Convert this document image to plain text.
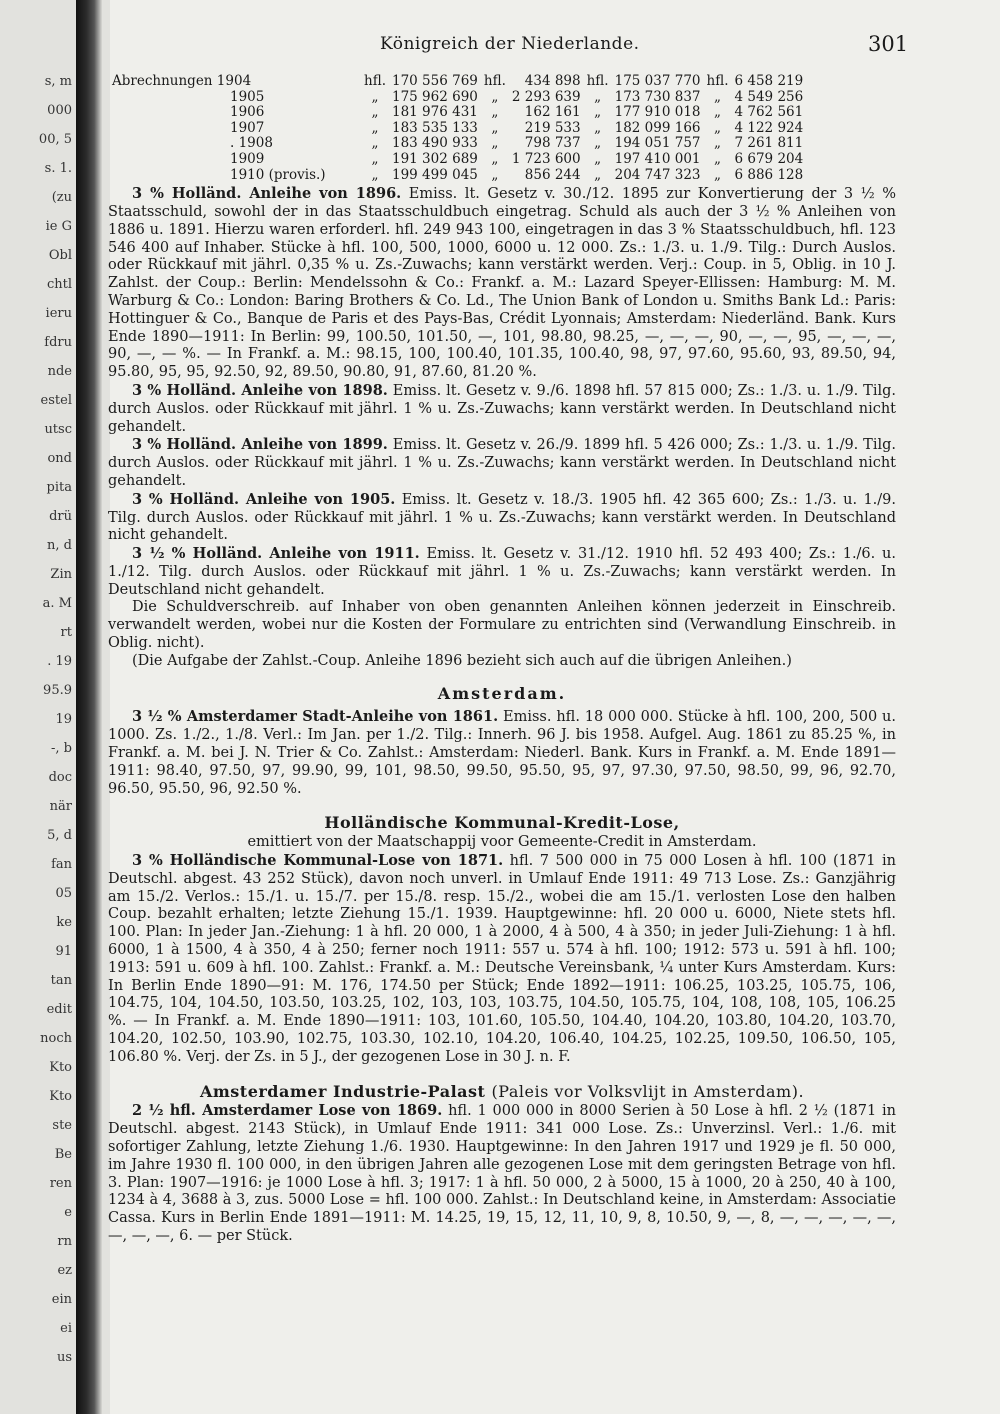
s, m
000
00, 5
s. 1.
(zu
ie G
Obl
chtl
ieru
fdru
nde
estel
utsc
ond
pita
drü
n, d
Zin
a. M
rt
. 19
95.9
19
-, b
doc
när
5, d
fan
05
ke
91
tan
edit
noch
Kto
Kto
ste
Be
ren
e
rn
ez
ein
ei
us
Königreich der Niederlande.	301
Abrechnungen 1904	hfl.	170 556 769	hfl.	434 898	hfl.	175 037 770	hfl.	6 458 219
1905	„	175 962 690	„	2 293 639	„	173 730 837	„	4 549 256
1906	„	181 976 431	„	162 161	„	177 910 018	„	4 762 561
1907	„	183 535 133	„	219 533	„	182 099 166	„	4 122 924
. 1908	„	183 490 933	„	798 737	„	194 051 757	„	7 261 811
1909	„	191 302 689	„	1 723 600	„	197 410 001	„	6 679 204
1910 (provis.)	„	199 499 045	„	856 244	„	204 747 323	„	6 886 128

3 % Holländ. Anleihe von 1896. Emiss. lt. Gesetz v. 30./12. 1895 zur Konvertierung der 3 ½ % Staatsschuld, sowohl der in das Staatsschuldbuch eingetrag. Schuld als auch der 3 ½ % Anleihen von 1886 u. 1891. Hierzu waren erforderl. hfl. 249 943 100, eingetragen in das 3 % Staatsschuldbuch, hfl. 123 546 400 auf Inhaber. Stücke à hfl. 100, 500, 1000, 6000 u. 12 000. Zs.: 1./3. u. 1./9. Tilg.: Durch Auslos. oder Rückkauf mit jährl. 0,35 % u. Zs.-Zuwachs; kann verstärkt werden. Verj.: Coup. in 5, Oblig. in 10 J. Zahlst. der Coup.: Berlin: Mendelssohn & Co.: Frankf. a. M.: Lazard Speyer-Ellissen: Hamburg: M. M. Warburg & Co.: London: Baring Brothers & Co. Ld., The Union Bank of London u. Smiths Bank Ld.: Paris: Hottinguer & Co., Banque de Paris et des Pays-Bas, Crédit Lyonnais; Amsterdam: Niederländ. Bank. Kurs Ende 1890—1911: In Berlin: 99, 100.50, 101.50, —, 101, 98.80, 98.25, —, —, —, 90, —, —, 95, —, —, —, 90, —, — %. — In Frankf. a. M.: 98.15, 100, 100.40, 101.35, 100.40, 98, 97, 97.60, 95.60, 93, 89.50, 94, 95.80, 95, 95, 92.50, 92, 89.50, 90.80, 91, 87.60, 81.20 %.

3 % Holländ. Anleihe von 1898. Emiss. lt. Gesetz v. 9./6. 1898 hfl. 57 815 000; Zs.: 1./3. u. 1./9. Tilg. durch Auslos. oder Rückkauf mit jährl. 1 % u. Zs.-Zuwachs; kann verstärkt werden. In Deutschland nicht gehandelt.

3 % Holländ. Anleihe von 1899. Emiss. lt. Gesetz v. 26./9. 1899 hfl. 5 426 000; Zs.: 1./3. u. 1./9. Tilg. durch Auslos. oder Rückkauf mit jährl. 1 % u. Zs.-Zuwachs; kann verstärkt werden. In Deutschland nicht gehandelt.

3 % Holländ. Anleihe von 1905. Emiss. lt. Gesetz v. 18./3. 1905 hfl. 42 365 600; Zs.: 1./3. u. 1./9. Tilg. durch Auslos. oder Rückkauf mit jährl. 1 % u. Zs.-Zuwachs; kann verstärkt werden. In Deutschland nicht gehandelt.

3 ½ % Holländ. Anleihe von 1911. Emiss. lt. Gesetz v. 31./12. 1910 hfl. 52 493 400; Zs.: 1./6. u. 1./12. Tilg. durch Auslos. oder Rückkauf mit jährl. 1 % u. Zs.-Zuwachs; kann verstärkt werden. In Deutschland nicht gehandelt.

Die Schuldverschreib. auf Inhaber von oben genannten Anleihen können jederzeit in Einschreib. verwandelt werden, wobei nur die Kosten der Formulare zu entrichten sind (Verwandlung Einschreib. in Oblig. nicht).

(Die Aufgabe der Zahlst.-Coup. Anleihe 1896 bezieht sich auch auf die übrigen Anleihen.)

Amsterdam.

3 ½ % Amsterdamer Stadt-Anleihe von 1861. Emiss. hfl. 18 000 000. Stücke à hfl. 100, 200, 500 u. 1000. Zs. 1./2., 1./8. Verl.: Im Jan. per 1./2. Tilg.: Innerh. 96 J. bis 1958. Aufgel. Aug. 1861 zu 85.25 %, in Frankf. a. M. bei J. N. Trier & Co. Zahlst.: Amsterdam: Niederl. Bank. Kurs in Frankf. a. M. Ende 1891—1911: 98.40, 97.50, 97, 99.90, 99, 101, 98.50, 99.50, 95.50, 95, 97, 97.30, 97.50, 98.50, 99, 96, 92.70, 96.50, 95.50, 96, 92.50 %.

Holländische Kommunal-Kredit-Lose,
emittiert von der Maatschappij voor Gemeente-Credit in Amsterdam.

3 % Holländische Kommunal-Lose von 1871. hfl. 7 500 000 in 75 000 Losen à hfl. 100 (1871 in Deutschl. abgest. 43 252 Stück), davon noch unverl. in Umlauf Ende 1911: 49 713 Lose. Zs.: Ganzjährig am 15./2. Verlos.: 15./1. u. 15./7. per 15./8. resp. 15./2., wobei die am 15./1. verlosten Lose den halben Coup. bezahlt erhalten; letzte Ziehung 15./1. 1939. Hauptgewinne: hfl. 20 000 u. 6000, Niete stets hfl. 100. Plan: In jeder Jan.-Ziehung: 1 à hfl. 20 000, 1 à 2000, 4 à 500, 4 à 350; in jeder Juli-Ziehung: 1 à hfl. 6000, 1 à 1500, 4 à 350, 4 à 250; ferner noch 1911: 557 u. 574 à hfl. 100; 1912: 573 u. 591 à hfl. 100; 1913: 591 u. 609 à hfl. 100. Zahlst.: Frankf. a. M.: Deutsche Vereinsbank, ¼ unter Kurs Amsterdam. Kurs: In Berlin Ende 1890—91: M. 176, 174.50 per Stück; Ende 1892—1911: 106.25, 103.25, 105.75, 106, 104.75, 104, 104.50, 103.50, 103.25, 102, 103, 103, 103.75, 104.50, 105.75, 104, 108, 108, 105, 106.25 %. — In Frankf. a. M. Ende 1890—1911: 103, 101.60, 105.50, 104.40, 104.20, 103.80, 104.20, 103.70, 104.20, 102.50, 103.90, 102.75, 103.30, 102.10, 104.20, 106.40, 104.25, 102.25, 109.50, 106.50, 105, 106.80 %. Verj. der Zs. in 5 J., der gezogenen Lose in 30 J. n. F.

Amsterdamer Industrie-Palast (Paleis vor Volksvlijt in Amsterdam).

2 ½ hfl. Amsterdamer Lose von 1869. hfl. 1 000 000 in 8000 Serien à 50 Lose à hfl. 2 ½ (1871 in Deutschl. abgest. 2143 Stück), in Umlauf Ende 1911: 341 000 Lose. Zs.: Unverzinsl. Verl.: 1./6. mit sofortiger Zahlung, letzte Ziehung 1./6. 1930. Hauptgewinne: In den Jahren 1917 und 1929 je fl. 50 000, im Jahre 1930 fl. 100 000, in den übrigen Jahren alle gezogenen Lose mit dem geringsten Betrage von hfl. 3. Plan: 1907—1916: je 1000 Lose à hfl. 3; 1917: 1 à hfl. 50 000, 2 à 5000, 15 à 1000, 20 à 250, 40 à 100, 1234 à 4, 3688 à 3, zus. 5000 Lose = hfl. 100 000. Zahlst.: In Deutschland keine, in Amsterdam: Associatie Cassa. Kurs in Berlin Ende 1891—1911: M. 14.25, 19, 15, 12, 11, 10, 9, 8, 10.50, 9, —, 8, —, —, —, —, —, —, —, —, 6. — per Stück.
